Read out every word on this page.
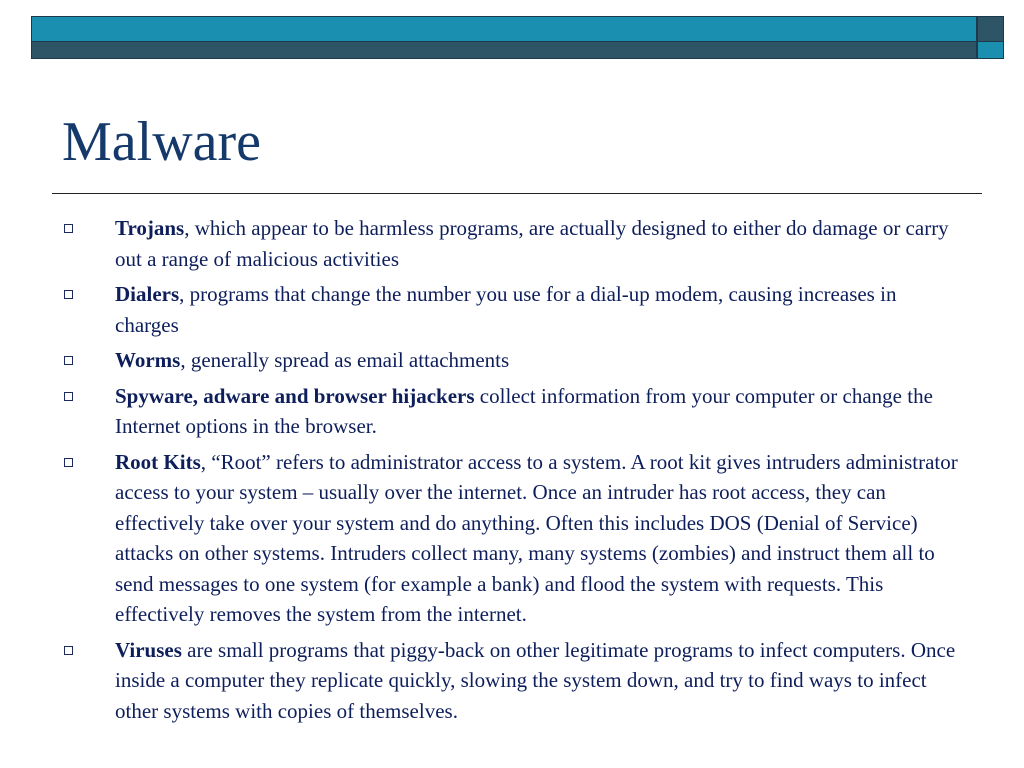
Malware
Trojans, which appear to be harmless programs, are actually designed to either do damage or carry out a range of malicious activities
Dialers, programs that change the number you use for a dial-up modem, causing increases in charges
Worms, generally spread as email attachments
Spyware, adware and browser hijackers collect information from your computer or change the Internet options in the browser.
Root Kits, “Root” refers to administrator access to a system. A root kit gives intruders administrator access to your system – usually over the internet. Once an intruder has root access, they can effectively take over your system and do anything. Often this includes DOS (Denial of Service) attacks on other systems. Intruders collect many, many systems (zombies) and instruct them all to send messages to one system (for example a bank) and flood the system with requests. This effectively removes the system from the internet.
Viruses are small programs that piggy-back on other legitimate programs to infect computers. Once inside a computer they replicate quickly, slowing the system down, and try to find ways to infect other systems with copies of themselves.
